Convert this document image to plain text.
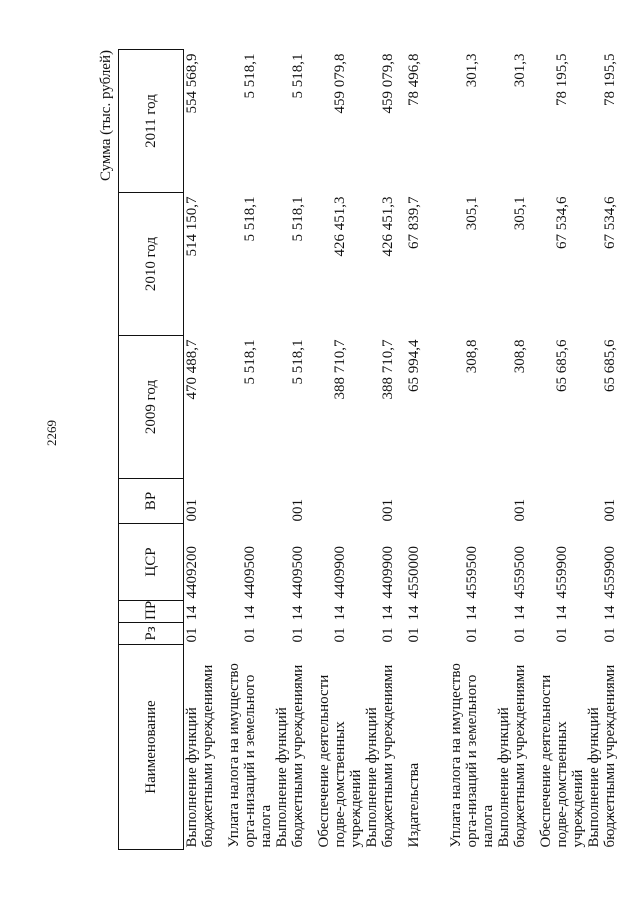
2269
Сумма (тыс. рублей)
Наименование	Рз	ПР	ЦСР	ВР	2009 год	2010 год	2011 год
Выполнение функций бюджетными учреждениями	01	14	4409200	001	470 488,7	514 150,7	554 568,9
Уплата налога на имущество орга-низаций и земельного налога	01	14	4409500		5 518,1	5 518,1	5 518,1
Выполнение функций бюджетными учреждениями	01	14	4409500	001	5 518,1	5 518,1	5 518,1
Обеспечение деятельности подве-домственных учреждений	01	14	4409900		388 710,7	426 451,3	459 079,8
Выполнение функций бюджетными учреждениями	01	14	4409900	001	388 710,7	426 451,3	459 079,8
Издательства	01	14	4550000		65 994,4	67 839,7	78 496,8
Уплата налога на имущество орга-низаций и земельного налога	01	14	4559500		308,8	305,1	301,3
Выполнение функций бюджетными учреждениями	01	14	4559500	001	308,8	305,1	301,3
Обеспечение деятельности подве-домственных учреждений	01	14	4559900		65 685,6	67 534,6	78 195,5
Выполнение функций бюджетными учреждениями	01	14	4559900	001	65 685,6	67 534,6	78 195,5
